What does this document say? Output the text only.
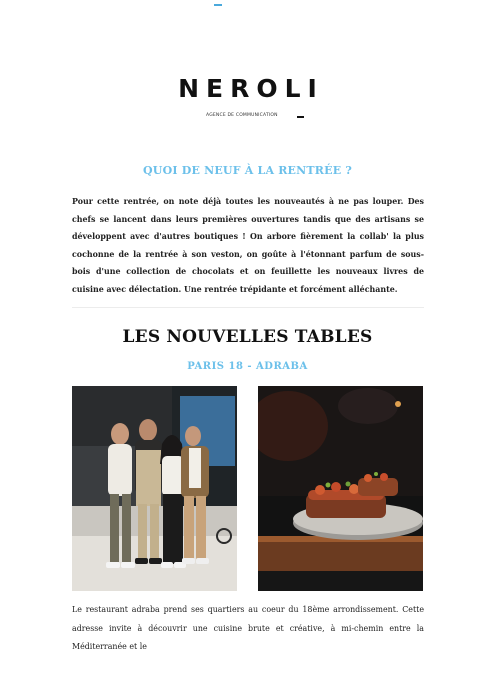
NEROLI
AGENCE DE COMMUNICATION
QUOI DE NEUF À LA RENTRÉE ?

Pour cette rentrée, on note déjà toutes les nouveautés à ne pas louper. Des chefs se lancent dans leurs premières ouvertures tandis que des artisans se développent avec d'autres boutiques ! On arbore fièrement la collab' la plus cochonne de la rentrée à son veston, on goûte à l'étonnant parfum de sous-bois d'une collection de chocolats et on feuillette les nouveaux livres de cuisine avec délectation. Une rentrée trépidante et forcément alléchante.

LES NOUVELLES TABLES
PARIS 18 - ADRABA

Le restaurant adraba prend ses quartiers au coeur du 18ème arrondissement. Cette adresse invite à découvrir une cuisine brute et créative, à mi-chemin entre la Méditerranée et le
